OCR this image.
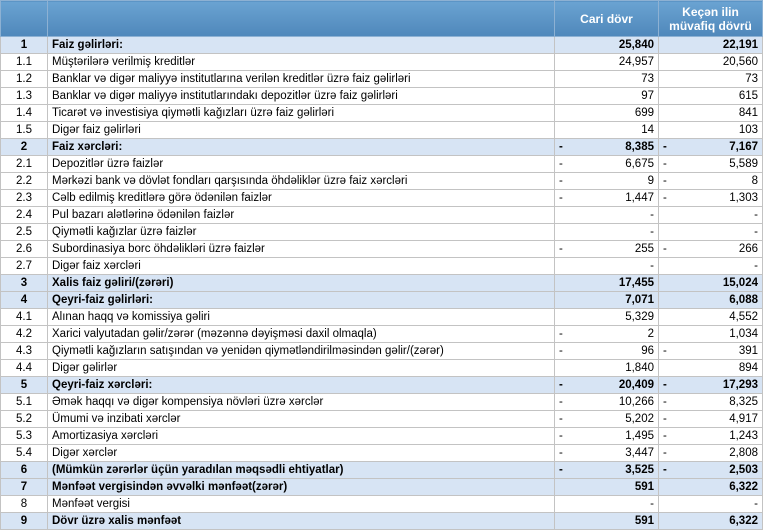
		Cari dövr	Keçən ilin müvafiq dövrü
1	Faiz gəlirləri:	25,840	22,191
1.1	Müştərilərə verilmiş kreditlər	24,957	20,560
1.2	Banklar və digər maliyyə institutlarına verilən kreditlər üzrə faiz gəlirləri	73	73
1.3	Banklar və digər maliyyə institutlarındakı depozitlər üzrə faiz gəlirləri	97	615
1.4	Ticarət və investisiya qiymətli kağızları üzrə faiz gəlirləri	699	841
1.5	Digər faiz gəlirləri	14	103
2	Faiz xərcləri:	- 8,385	- 7,167
2.1	Depozitlər üzrə faizlər	- 6,675	- 5,589
2.2	Mərkəzi bank və dövlət fondları qarşısında öhdəliklər üzrə faiz xərcləri	- 9	- 8
2.3	Cəlb edilmiş kreditlərə görə ödənilən faizlər	- 1,447	- 1,303
2.4	Pul bazarı alətlərinə ödənilən faizlər	-	-
2.5	Qiymətli kağızlar üzrə faizlər	-	-
2.6	Subordinasiya borc öhdəlikləri üzrə faizlər	- 255	- 266
2.7	Digər faiz xərcləri	-	-
3	Xalis faiz gəliri/(zərəri)	17,455	15,024
4	Qeyri-faiz gəlirləri:	7,071	6,088
4.1	Alınan haqq və komissiya gəliri	5,329	4,552
4.2	Xarici valyutadan gəlir/zərər (məzənnə dəyişməsi daxil olmaqla)	- 2	1,034
4.3	Qiymətli kağızların satışından və yenidən qiymətləndirilməsindən gəlir/(zərər)	- 96	- 391
4.4	Digər gəlirlər	1,840	894
5	Qeyri-faiz xərcləri:	- 20,409	- 17,293
5.1	Əmək haqqı və digər kompensiya növləri üzrə xərclər	- 10,266	- 8,325
5.2	Ümumi və inzibati xərclər	- 5,202	- 4,917
5.3	Amortizasiya xərcləri	- 1,495	- 1,243
5.4	Digər xərclər	- 3,447	- 2,808
6	(Mümkün zərərlər üçün yaradılan məqsədli ehtiyatlar)	- 3,525	- 2,503
7	Mənfəət vergisindən əvvəlki mənfəət(zərər)	591	6,322
8	Mənfəət vergisi	-	-
9	Dövr üzrə xalis mənfəət	591	6,322
